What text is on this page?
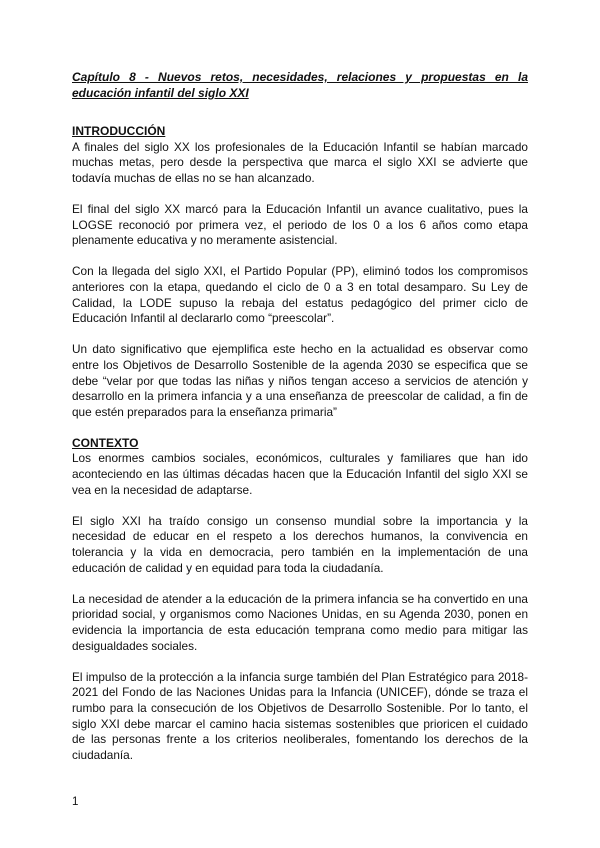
Capítulo 8 - Nuevos retos, necesidades, relaciones y propuestas en la educación infantil del siglo XXI
INTRODUCCIÓN

A finales del siglo XX los profesionales de la Educación Infantil se habían marcado muchas metas, pero desde la perspectiva que marca el siglo XXI se advierte que todavía muchas de ellas no se han alcanzado.

El final del siglo XX marcó para la Educación Infantil un avance cualitativo, pues la LOGSE reconoció por primera vez, el periodo de los 0 a los 6 años como etapa plenamente educativa y no meramente asistencial.

Con la llegada del siglo XXI, el Partido Popular (PP), eliminó todos los compromisos anteriores con la etapa, quedando el ciclo de 0 a 3 en total desamparo. Su Ley de Calidad, la LODE supuso la rebaja del estatus pedagógico del primer ciclo de Educación Infantil al declararlo como “preescolar”.

Un dato significativo que ejemplifica este hecho en la actualidad es observar como entre los Objetivos de Desarrollo Sostenible de la agenda 2030 se especifica que se debe “velar por que todas las niñas y niños tengan acceso a servicios de atención y desarrollo en la primera infancia y a una enseñanza de preescolar de calidad, a fin de que estén preparados para la enseñanza primaria”

CONTEXTO

Los enormes cambios sociales, económicos, culturales y familiares que han ido aconteciendo en las últimas décadas hacen que la Educación Infantil del siglo XXI se vea en la necesidad de adaptarse.

El siglo XXI ha traído consigo un consenso mundial sobre la importancia y la necesidad de educar en el respeto a los derechos humanos, la convivencia en tolerancia y la vida en democracia, pero también en la implementación de una educación de calidad y en equidad para toda la ciudadanía.

La necesidad de atender a la educación de la primera infancia se ha convertido en una prioridad social, y organismos como Naciones Unidas, en su Agenda 2030, ponen en evidencia la importancia de esta educación temprana como medio para mitigar las desigualdades sociales.

El impulso de la protección a la infancia surge también del Plan Estratégico para 2018-2021 del Fondo de las Naciones Unidas para la Infancia (UNICEF), dónde se traza el rumbo para la consecución de los Objetivos de Desarrollo Sostenible. Por lo tanto, el siglo XXI debe marcar el camino hacia sistemas sostenibles que prioricen el cuidado de las personas frente a los criterios neoliberales, fomentando los derechos de la ciudadanía.

1
